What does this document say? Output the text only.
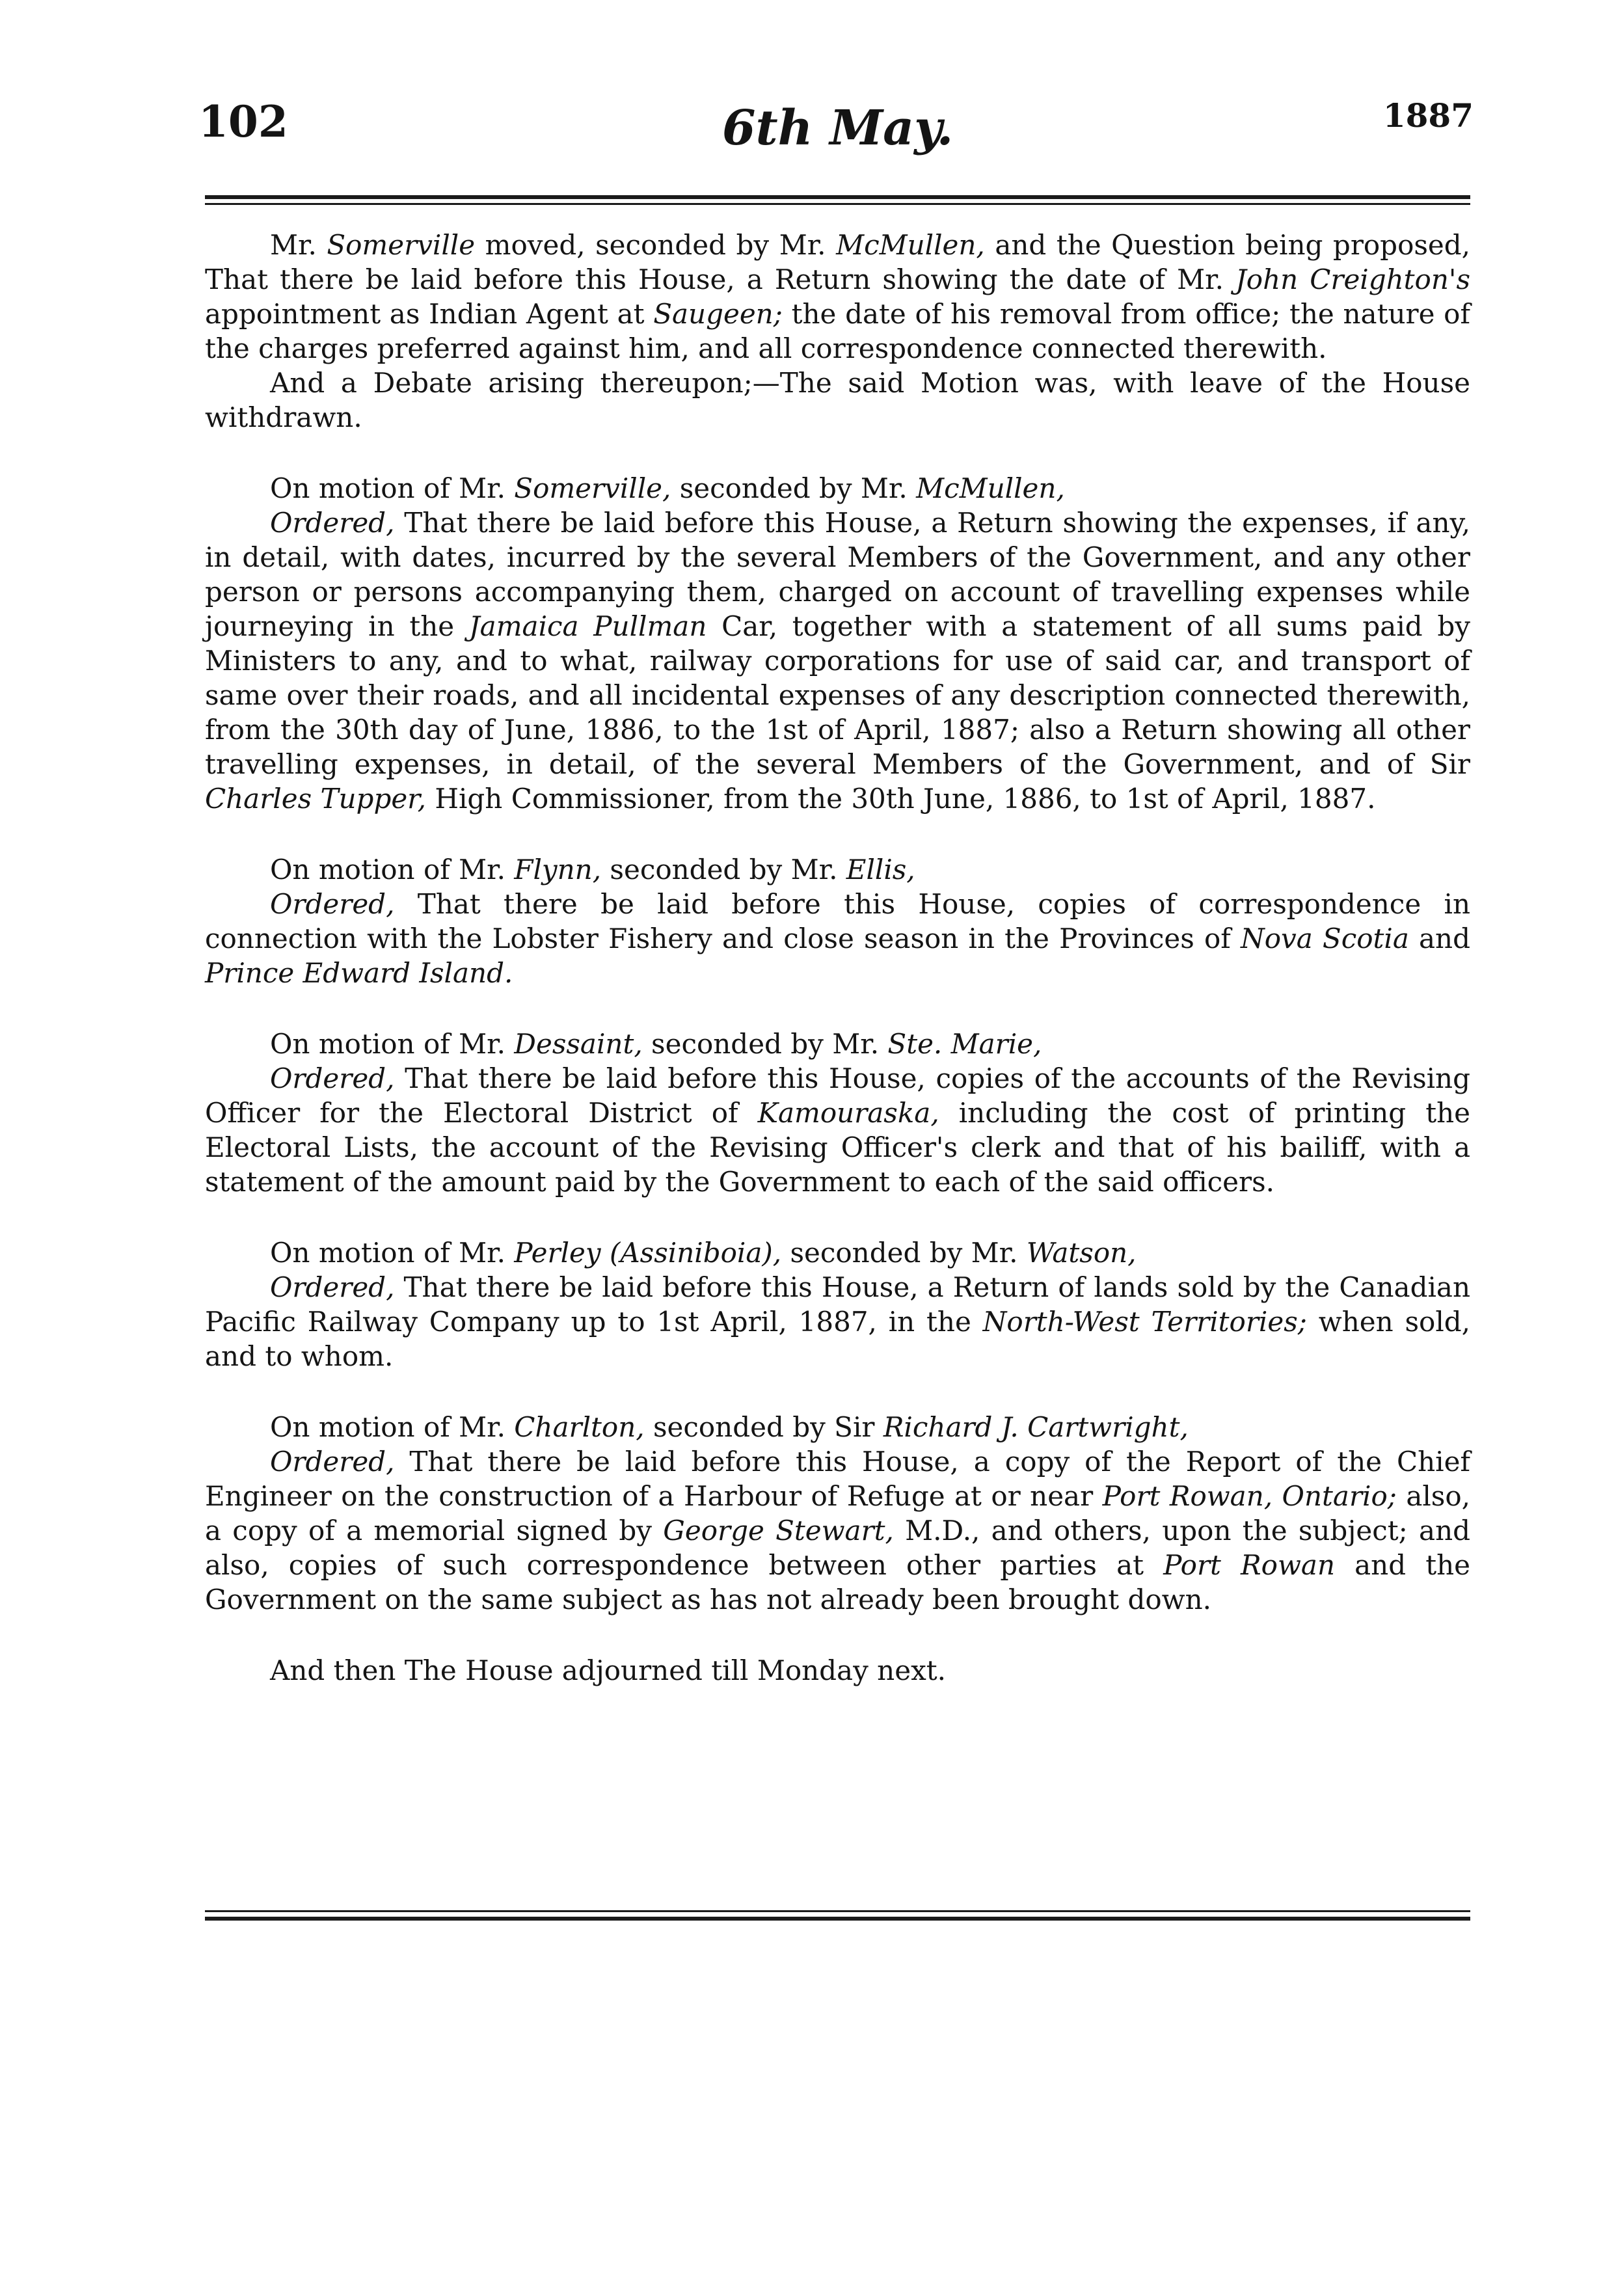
102	6th May.	1887

Mr. Somerville moved, seconded by Mr. McMullen, and the Question being proposed, That there be laid before this House, a Return showing the date of Mr. John Creighton's appointment as Indian Agent at Saugeen; the date of his removal from office; the nature of the charges preferred against him, and all correspondence connected therewith.

And a Debate arising thereupon;—The said Motion was, with leave of the House withdrawn.

On motion of Mr. Somerville, seconded by Mr. McMullen,

Ordered, That there be laid before this House, a Return showing the expenses, if any, in detail, with dates, incurred by the several Members of the Government, and any other person or persons accompanying them, charged on account of travelling expenses while journeying in the Jamaica Pullman Car, together with a statement of all sums paid by Ministers to any, and to what, railway corporations for use of said car, and transport of same over their roads, and all incidental expenses of any description connected therewith, from the 30th day of June, 1886, to the 1st of April, 1887; also a Return showing all other travelling expenses, in detail, of the several Members of the Government, and of Sir Charles Tupper, High Commissioner, from the 30th June, 1886, to 1st of April, 1887.

On motion of Mr. Flynn, seconded by Mr. Ellis,

Ordered, That there be laid before this House, copies of correspondence in connection with the Lobster Fishery and close season in the Provinces of Nova Scotia and Prince Edward Island.

On motion of Mr. Dessaint, seconded by Mr. Ste. Marie,

Ordered, That there be laid before this House, copies of the accounts of the Revising Officer for the Electoral District of Kamouraska, including the cost of printing the Electoral Lists, the account of the Revising Officer's clerk and that of his bailiff, with a statement of the amount paid by the Government to each of the said officers.

On motion of Mr. Perley (Assiniboia), seconded by Mr. Watson,

Ordered, That there be laid before this House, a Return of lands sold by the Canadian Pacific Railway Company up to 1st April, 1887, in the North-West Territories; when sold, and to whom.

On motion of Mr. Charlton, seconded by Sir Richard J. Cartwright,

Ordered, That there be laid before this House, a copy of the Report of the Chief Engineer on the construction of a Harbour of Refuge at or near Port Rowan, Ontario; also, a copy of a memorial signed by George Stewart, M.D., and others, upon the subject; and also, copies of such correspondence between other parties at Port Rowan and the Government on the same subject as has not already been brought down.

And then The House adjourned till Monday next.
